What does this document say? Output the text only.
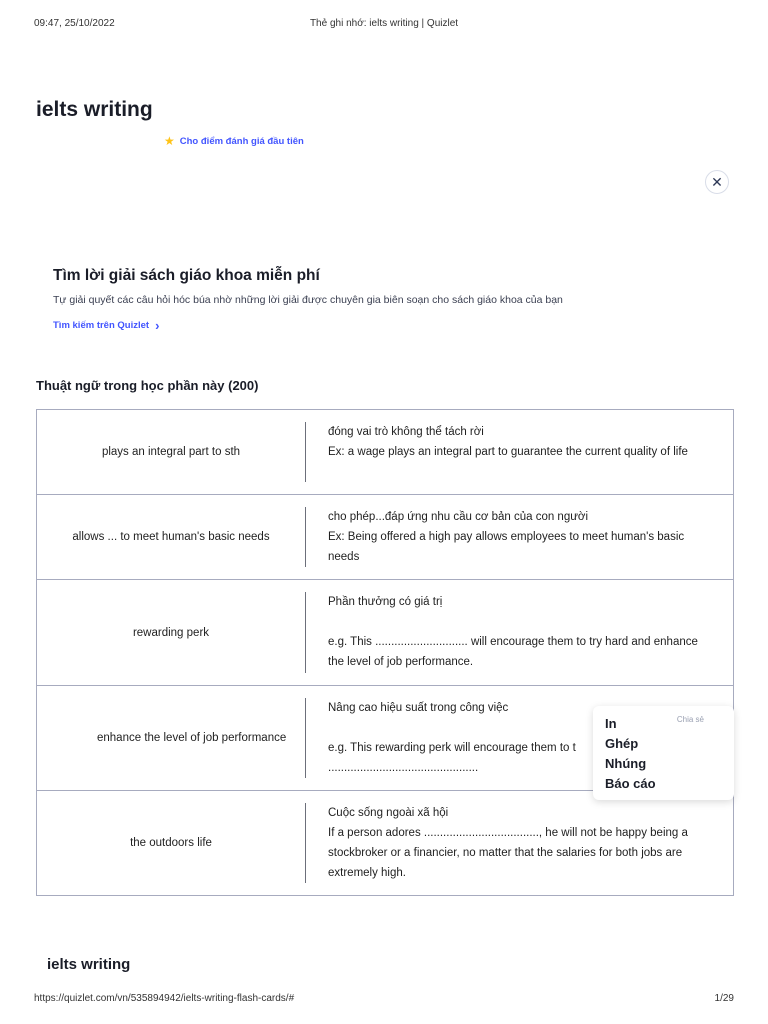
09:47, 25/10/2022	Thẻ ghi nhớ: ielts writing | Quizlet
ielts writing
★ Cho điểm đánh giá đầu tiên
✕
Tìm lời giải sách giáo khoa miễn phí
Tự giải quyết các câu hỏi hóc búa nhờ những lời giải được chuyên gia biên soạn cho sách giáo khoa của bạn
Tìm kiếm trên Quizlet ›
Thuật ngữ trong học phần này (200)
plays an integral part to sth

đóng vai trò không thể tách rời
Ex: a wage plays an integral part to guarantee the current quality of life

allows ... to meet human's basic needs

cho phép...đáp ứng nhu cầu cơ bản của con người
Ex: Being offered a high pay allows employees to meet human's basic needs

rewarding perk

Phần thưởng có giá trị

e.g. This ............................. will encourage them to try hard and enhance the level of job performance.

enhance the level of job performance

Nâng cao hiệu suất trong công việc

e.g. This rewarding perk will encourage them to t
...............................................

the outdoors life

Cuộc sống ngoài xã hội
If a person adores ...................................., he will not be happy being a stockbroker or a financier, no matter that the salaries for both jobs are extremely high.

Chia sẻ
In
Ghép
Nhúng
Báo cáo
ielts writing
https://quizlet.com/vn/535894942/ielts-writing-flash-cards/#	1/29
